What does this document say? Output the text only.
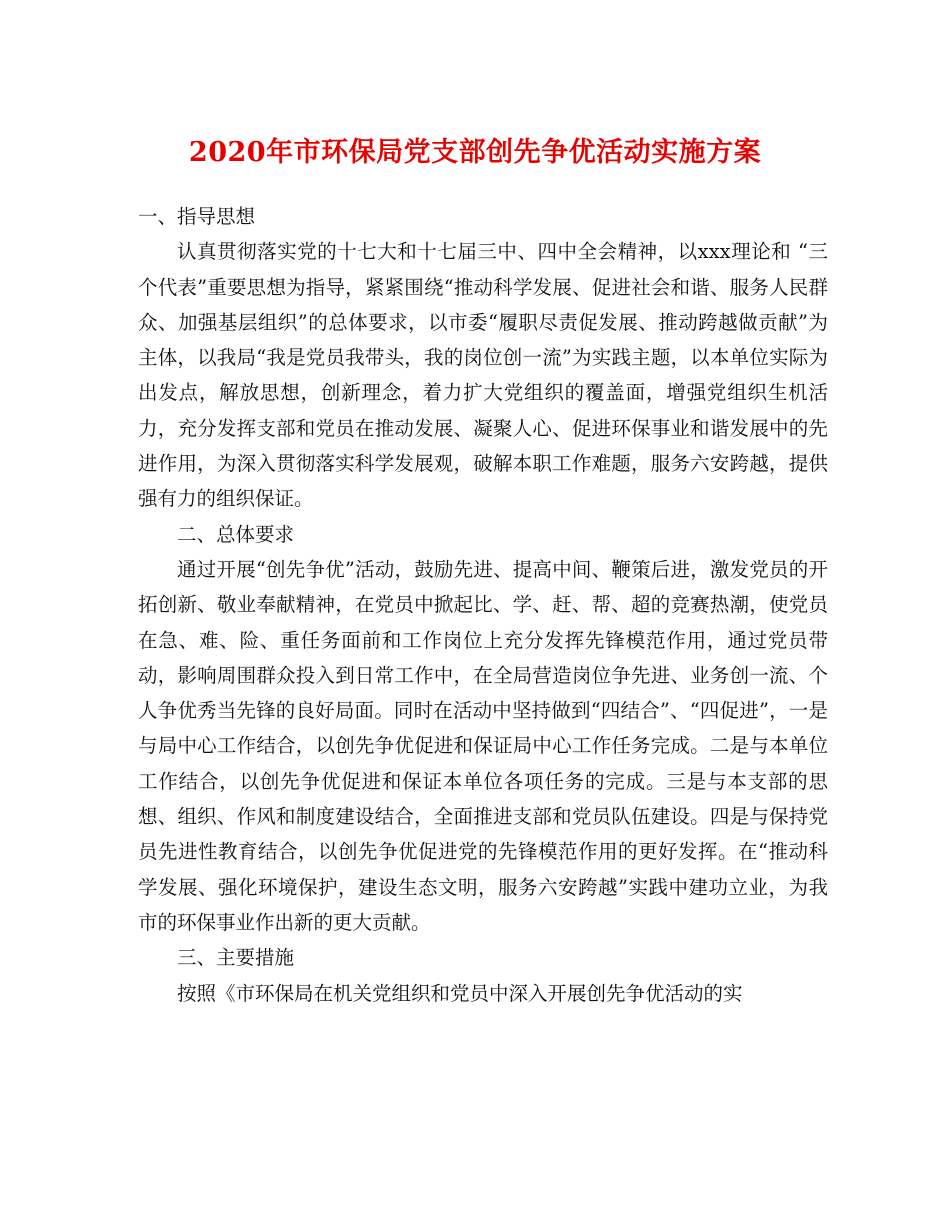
2020年市环保局党支部创先争优活动实施方案

一、指导思想

认真贯彻落实党的十七大和十七届三中、四中全会精神，以xxx理论和 “三个代表”重要思想为指导，紧紧围绕“推动科学发展、促进社会和谐、服务人民群众、加强基层组织”的总体要求，以市委“履职尽责促发展、推动跨越做贡献”为主体，以我局“我是党员我带头，我的岗位创一流”为实践主题，以本单位实际为出发点，解放思想，创新理念，着力扩大党组织的覆盖面，增强党组织生机活力，充分发挥支部和党员在推动发展、凝聚人心、促进环保事业和谐发展中的先进作用，为深入贯彻落实科学发展观，破解本职工作难题，服务六安跨越，提供强有力的组织保证。

二、总体要求

通过开展“创先争优”活动，鼓励先进、提高中间、鞭策后进，激发党员的开拓创新、敬业奉献精神，在党员中掀起比、学、赶、帮、超的竞赛热潮，使党员在急、难、险、重任务面前和工作岗位上充分发挥先锋模范作用，通过党员带动，影响周围群众投入到日常工作中，在全局营造岗位争先进、业务创一流、个人争优秀当先锋的良好局面。同时在活动中坚持做到“四结合”、“四促进”，一是与局中心工作结合，以创先争优促进和保证局中心工作任务完成。二是与本单位工作结合，以创先争优促进和保证本单位各项任务的完成。三是与本支部的思想、组织、作风和制度建设结合，全面推进支部和党员队伍建设。四是与保持党员先进性教育结合，以创先争优促进党的先锋模范作用的更好发挥。在“推动科学发展、强化环境保护，建设生态文明，服务六安跨越”实践中建功立业，为我市的环保事业作出新的更大贡献。

三、主要措施

按照《市环保局在机关党组织和党员中深入开展创先争优活动的实
